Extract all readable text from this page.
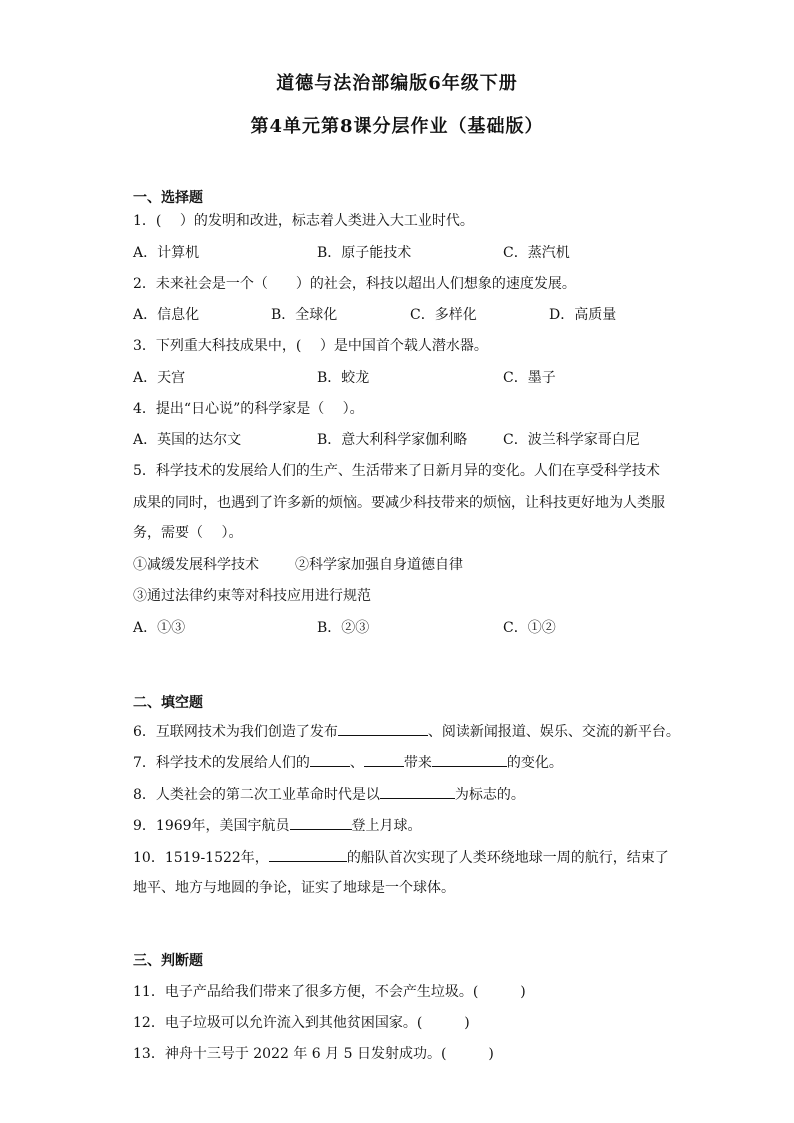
道德与法治部编版6年级下册
第4单元第8课分层作业（基础版）
一、选择题
1．(　 ）的发明和改进，标志着人类进入大工业时代。
A．计算机	B．原子能技术	C．蒸汽机
2．未来社会是一个（　　）的社会，科技以超出人们想象的速度发展。
A．信息化	B．全球化	C．多样化	D．高质量
3．下列重大科技成果中，(　 ）是中国首个载人潜水器。
A．天宫	B．蛟龙	C．墨子
4．提出“日心说”的科学家是（　 ）。
A．英国的达尔文	B．意大利科学家伽利略	C．波兰科学家哥白尼
5．科学技术的发展给人们的生产、生活带来了日新月异的变化。人们在享受科学技术
成果的同时，也遇到了许多新的烦恼。要减少科技带来的烦恼，让科技更好地为人类服
务，需要（　 ）。
①减缓发展科学技术	②科学家加强自身道德自律
③通过法律约束等对科技应用进行规范
A．①③	B．②③	C．①②
二、填空题
6．互联网技术为我们创造了发布	、阅读新闻报道、娱乐、交流的新平台。
7．科学技术的发展给人们的	、	带来	的变化。
8．人类社会的第二次工业革命时代是以	为标志的。
9．1969年，美国宇航员	登上月球。
10．1519-1522年，	的船队首次实现了人类环绕地球一周的航行，结束了
地平、地方与地圆的争论，证实了地球是一个球体。
三、判断题
11．电子产品给我们带来了很多方便，不会产生垃圾。(　　　)
12．电子垃圾可以允许流入到其他贫困国家。(　　　)
13．神舟十三号于 2022 年 6 月 5 日发射成功。(　　　)
